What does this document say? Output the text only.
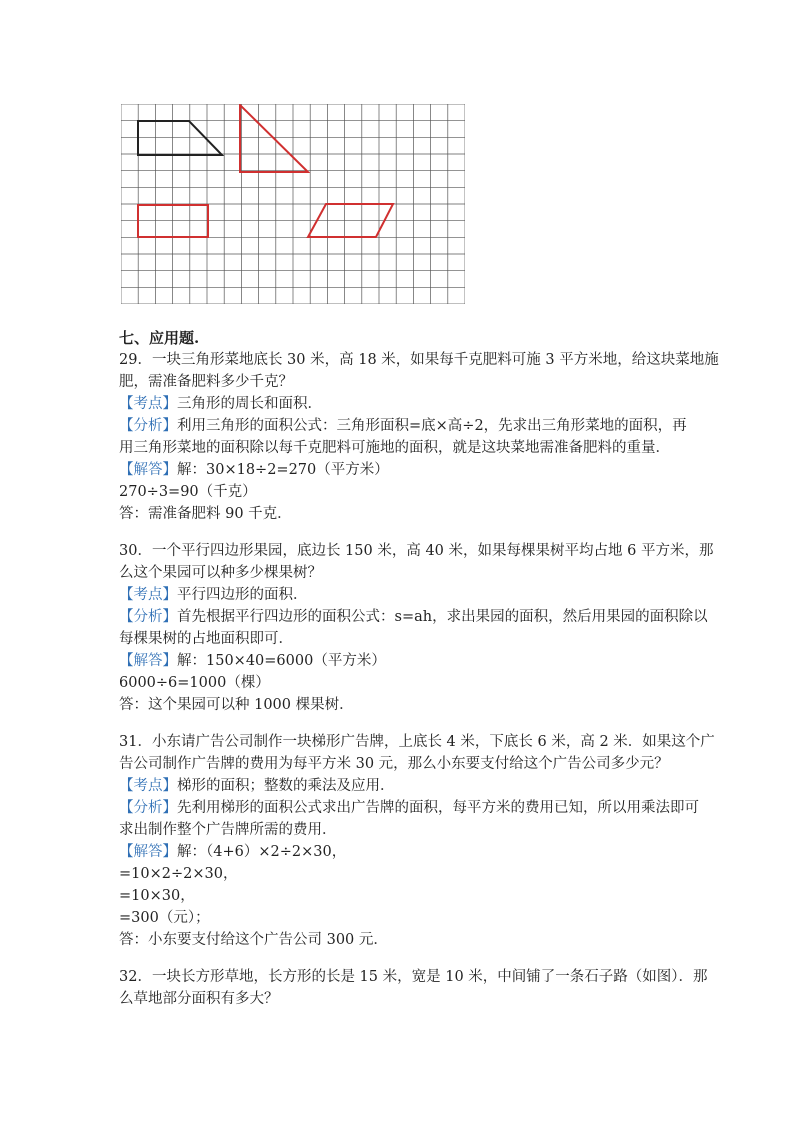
七、应用题.
29．一块三角形菜地底长 30 米，高 18 米，如果每千克肥料可施 3 平方米地，给这块菜地施
肥，需准备肥料多少千克？
【考点】三角形的周长和面积．
【分析】利用三角形的面积公式：三角形面积=底×高÷2，先求出三角形菜地的面积，再
用三角形菜地的面积除以每千克肥料可施地的面积，就是这块菜地需准备肥料的重量．
【解答】解：30×18÷2=270（平方米）
270÷3=90（千克）
答：需准备肥料 90 千克．
30．一个平行四边形果园，底边长 150 米，高 40 米，如果每棵果树平均占地 6 平方米，那
么这个果园可以种多少棵果树？
【考点】平行四边形的面积．
【分析】首先根据平行四边形的面积公式：s=ah，求出果园的面积，然后用果园的面积除以
每棵果树的占地面积即可．
【解答】解：150×40=6000（平方米）
6000÷6=1000（棵）
答：这个果园可以种 1000 棵果树．
31．小东请广告公司制作一块梯形广告牌，上底长 4 米，下底长 6 米，高 2 米．如果这个广
告公司制作广告牌的费用为每平方米 30 元，那么小东要支付给这个广告公司多少元？
【考点】梯形的面积；整数的乘法及应用．
【分析】先利用梯形的面积公式求出广告牌的面积，每平方米的费用已知，所以用乘法即可
求出制作整个广告牌所需的费用．
【解答】解：（4+6）×2÷2×30，
=10×2÷2×30，
=10×30，
=300（元）；
答：小东要支付给这个广告公司 300 元．
32．一块长方形草地，长方形的长是 15 米，宽是 10 米，中间铺了一条石子路（如图）．那
么草地部分面积有多大？
